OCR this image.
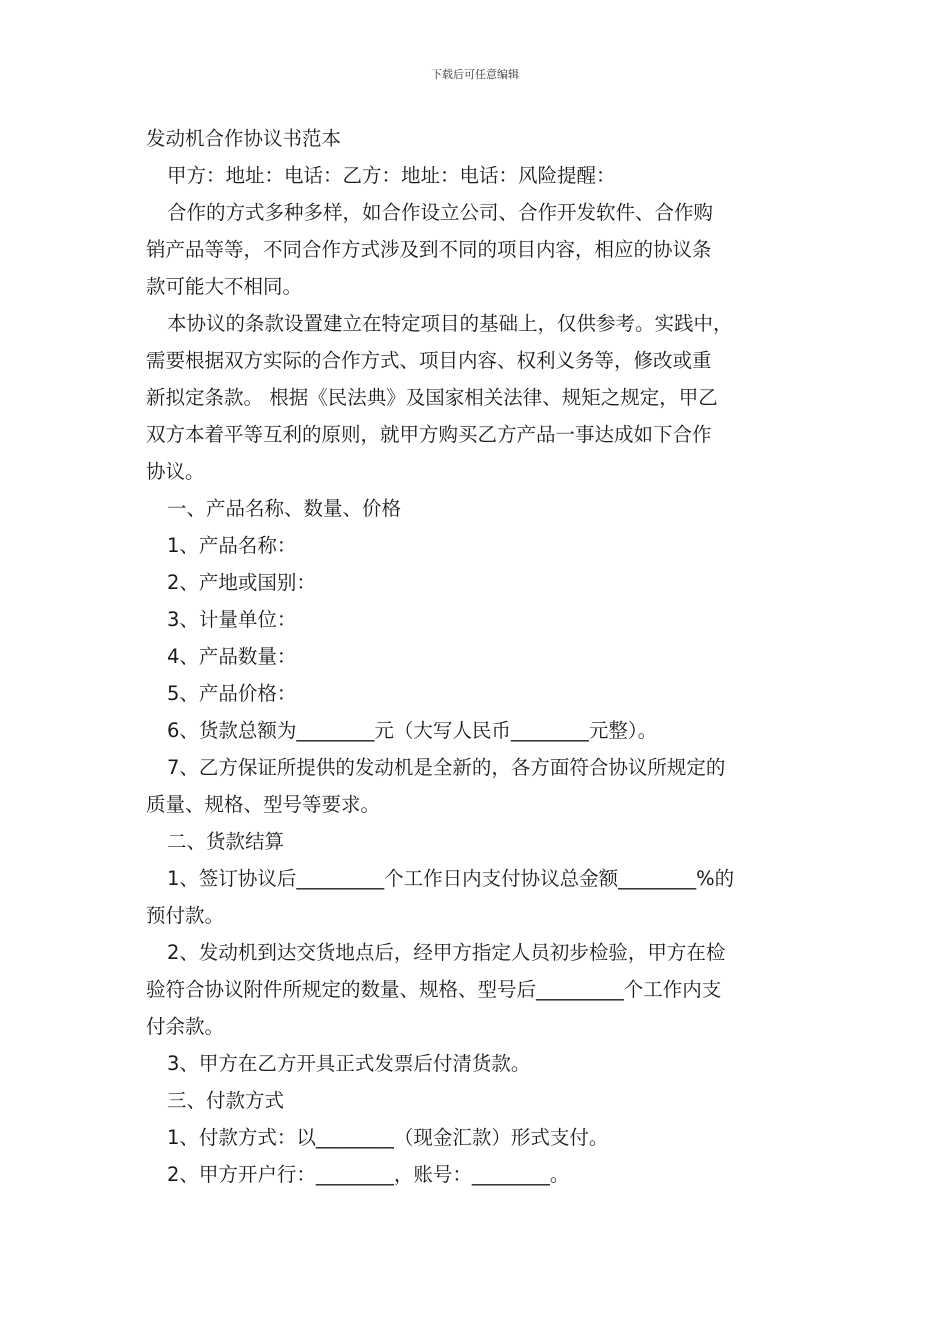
下载后可任意编辑

发动机合作协议书范本

甲方：地址：电话：乙方：地址：电话：风险提醒：

合作的方式多种多样，如合作设立公司、合作开发软件、合作购

销产品等等，不同合作方式涉及到不同的项目内容，相应的协议条

款可能大不相同。

本协议的条款设置建立在特定项目的基础上，仅供参考。实践中，

需要根据双方实际的合作方式、项目内容、权利义务等，修改或重

新拟定条款。 根据《民法典》及国家相关法律、规矩之规定，甲乙

双方本着平等互利的原则，就甲方购买乙方产品一事达成如下合作

协议。

一、产品名称、数量、价格

1、产品名称：

2、产地或国别：

3、计量单位：

4、产品数量：

5、产品价格：

6、货款总额为________元（大写人民币________元整）。

7、乙方保证所提供的发动机是全新的，各方面符合协议所规定的

质量、规格、型号等要求。

二、货款结算

1、签订协议后_________个工作日内支付协议总金额________%的

预付款。

2、发动机到达交货地点后，经甲方指定人员初步检验，甲方在检

验符合协议附件所规定的数量、规格、型号后_________个工作内支

付余款。

3、甲方在乙方开具正式发票后付清货款。

三、付款方式

1、付款方式：以________（现金汇款）形式支付。

2、甲方开户行：________，账号：________。
